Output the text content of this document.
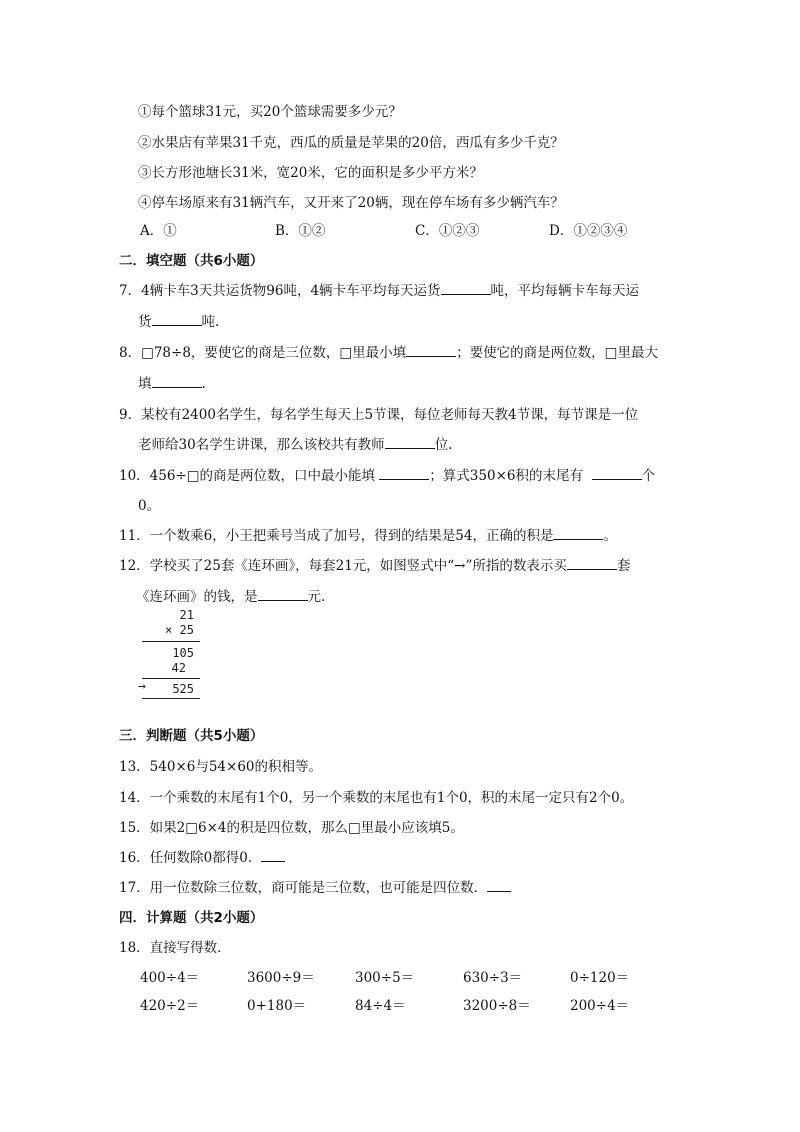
①每个篮球31元，买20个篮球需要多少元？
②水果店有苹果31千克，西瓜的质量是苹果的20倍，西瓜有多少千克？
③长方形池塘长31米，宽20米，它的面积是多少平方米？
④停车场原来有31辆汽车，又开来了20辆，现在停车场有多少辆汽车？
A．①	B．①②	C．①②③	D．①②③④
二．填空题（共6小题）
7．4辆卡车3天共运货物96吨，4辆卡车平均每天运货	吨，平均每辆卡车每天运
货	吨.
8．□78÷8，要使它的商是三位数，□里最小填	；要使它的商是两位数，□里最大
填	.
9．某校有2400名学生，每名学生每天上5节课，每位老师每天教4节课，每节课是一位
老师给30名学生讲课，那么该校共有教师	位.
10．456÷□的商是两位数，口中最小能填	；算式350×6积的末尾有	个
0。
11．一个数乘6，小王把乘号当成了加号，得到的结果是54，正确的积是	。
12．学校买了25套《连环画》，每套21元，如图竖式中“→”所指的数表示买	套
《连环画》的钱，是	元.
21
× 25
105
42
→ 525
三．判断题（共5小题）
13．540×6与54×60的积相等。
14．一个乘数的末尾有1个0，另一个乘数的末尾也有1个0，积的末尾一定只有2个0。
15．如果2□6×4的积是四位数，那么□里最小应该填5。
16．任何数除0都得0．
17．用一位数除三位数，商可能是三位数，也可能是四位数．
四．计算题（共2小题）
18．直接写得数．
400÷4＝	3600÷9＝	300÷5＝	630÷3＝	0÷120＝
420÷2＝	0+180＝	84÷4＝	3200÷8＝	200÷4＝
